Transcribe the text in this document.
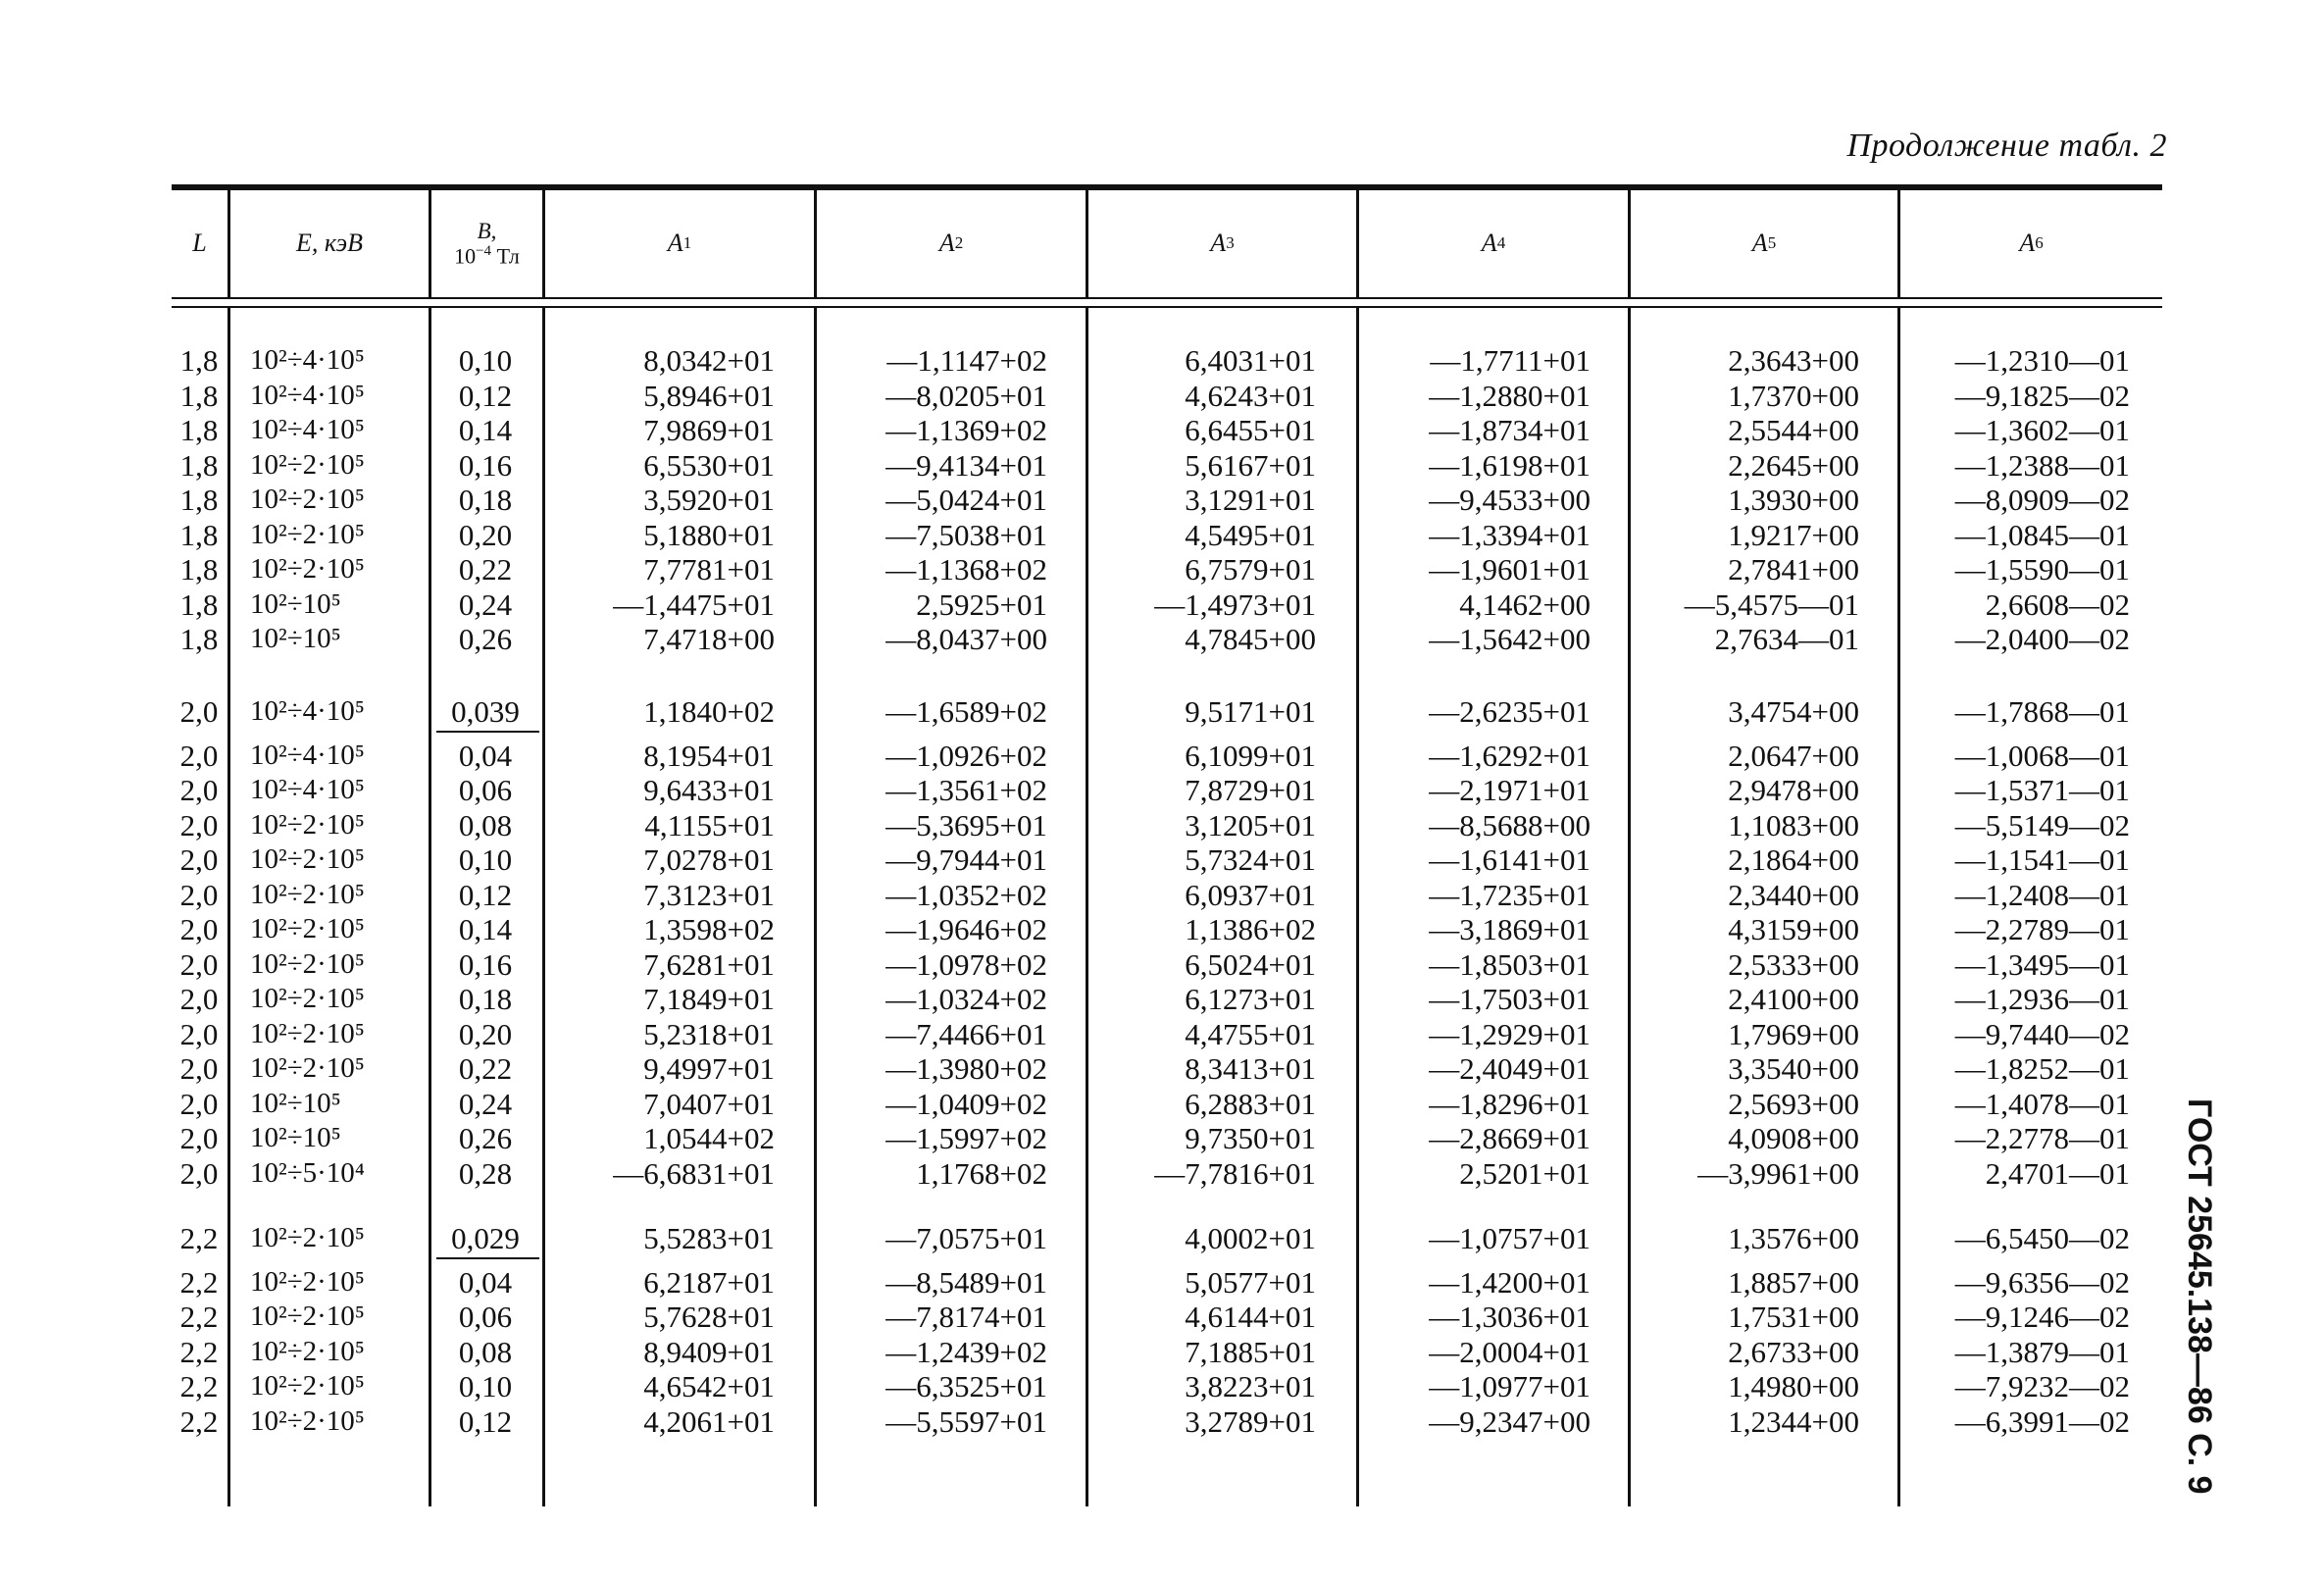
Продолжение табл. 2
ГОСТ 25645.138—86 С. 9
L	E, кэВ	B,
$10^{-4}$ Тл	A 1	A 2	A 3	A 4	A 5	A 6
1,8 10²÷4·10⁵	0,10	8,0342+01	—1,1147+02	6,4031+01	—1,7711+01	2,3643+00	—1,2310—01
1,8 10²÷4·10⁵	0,12	5,8946+01	—8,0205+01	4,6243+01	—1,2880+01	1,7370+00	—9,1825—02
1,8 10²÷4·10⁵	0,14	7,9869+01	—1,1369+02	6,6455+01	—1,8734+01	2,5544+00	—1,3602—01
1,8 10²÷2·10⁵	0,16	6,5530+01	—9,4134+01	5,6167+01	—1,6198+01	2,2645+00	—1,2388—01
1,8 10²÷2·10⁵	0,18	3,5920+01	—5,0424+01	3,1291+01	—9,4533+00	1,3930+00	—8,0909—02
1,8 10²÷2·10⁵	0,20	5,1880+01	—7,5038+01	4,5495+01	—1,3394+01	1,9217+00	—1,0845—01
1,8 10²÷2·10⁵	0,22	7,7781+01	—1,1368+02	6,7579+01	—1,9601+01	2,7841+00	—1,5590—01
1,8 10²÷10⁵	0,24	—1,4475+01	2,5925+01	—1,4973+01	4,1462+00	—5,4575—01	2,6608—02
1,8 10²÷10⁵	0,26	7,4718+00	—8,0437+00	4,7845+00	—1,5642+00	2,7634—01	—2,0400—02
2,0 10²÷4·10⁵	0,039	1,1840+02	—1,6589+02	9,5171+01	—2,6235+01	3,4754+00	—1,7868—01
2,0 10²÷4·10⁵	0,04	8,1954+01	—1,0926+02	6,1099+01	—1,6292+01	2,0647+00	—1,0068—01
2,0 10²÷4·10⁵	0,06	9,6433+01	—1,3561+02	7,8729+01	—2,1971+01	2,9478+00	—1,5371—01
2,0 10²÷2·10⁵	0,08	4,1155+01	—5,3695+01	3,1205+01	—8,5688+00	1,1083+00	—5,5149—02
2,0 10²÷2·10⁵	0,10	7,0278+01	—9,7944+01	5,7324+01	—1,6141+01	2,1864+00	—1,1541—01
2,0 10²÷2·10⁵	0,12	7,3123+01	—1,0352+02	6,0937+01	—1,7235+01	2,3440+00	—1,2408—01
2,0 10²÷2·10⁵	0,14	1,3598+02	—1,9646+02	1,1386+02	—3,1869+01	4,3159+00	—2,2789—01
2,0 10²÷2·10⁵	0,16	7,6281+01	—1,0978+02	6,5024+01	—1,8503+01	2,5333+00	—1,3495—01
2,0 10²÷2·10⁵	0,18	7,1849+01	—1,0324+02	6,1273+01	—1,7503+01	2,4100+00	—1,2936—01
2,0 10²÷2·10⁵	0,20	5,2318+01	—7,4466+01	4,4755+01	—1,2929+01	1,7969+00	—9,7440—02
2,0 10²÷2·10⁵	0,22	9,4997+01	—1,3980+02	8,3413+01	—2,4049+01	3,3540+00	—1,8252—01
2,0 10²÷10⁵	0,24	7,0407+01	—1,0409+02	6,2883+01	—1,8296+01	2,5693+00	—1,4078—01
2,0 10²÷10⁵	0,26	1,0544+02	—1,5997+02	9,7350+01	—2,8669+01	4,0908+00	—2,2778—01
2,0 10²÷5·10⁴	0,28	—6,6831+01	1,1768+02	—7,7816+01	2,5201+01	—3,9961+00	2,4701—01
2,2 10²÷2·10⁵	0,029	5,5283+01	—7,0575+01	4,0002+01	—1,0757+01	1,3576+00	—6,5450—02
2,2 10²÷2·10⁵	0,04	6,2187+01	—8,5489+01	5,0577+01	—1,4200+01	1,8857+00	—9,6356—02
2,2 10²÷2·10⁵	0,06	5,7628+01	—7,8174+01	4,6144+01	—1,3036+01	1,7531+00	—9,1246—02
2,2 10²÷2·10⁵	0,08	8,9409+01	—1,2439+02	7,1885+01	—2,0004+01	2,6733+00	—1,3879—01
2,2 10²÷2·10⁵	0,10	4,6542+01	—6,3525+01	3,8223+01	—1,0977+01	1,4980+00	—7,9232—02
2,2 10²÷2·10⁵	0,12	4,2061+01	—5,5597+01	3,2789+01	—9,2347+00	1,2344+00	—6,3991—02
